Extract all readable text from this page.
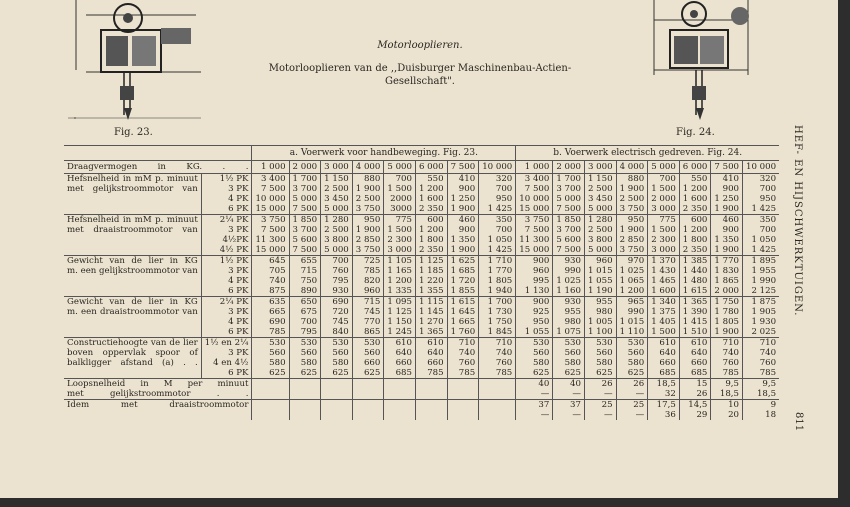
Fig. 23.	Fig. 24.
Motorloopliеren.
Motorlooplieren van de ,,Duisburger Maschinenbau-Actien-
Gesellschaft".
HEF- EN HIJSCHWERKTUIGEN.
811
		a. Voerwerk voor handbeweging. Fig. 23.								b. Voerwerk electrisch gedreven. Fig. 24.							
Draagvermogen in KG. . .		1 000	2 000	3 000	4 000	5 000	6 000	7 500	10 000	1 000	2 000	3 000	4 000	5 000	6 000	7 500	10 000
Hefsnelheid in mM p. minuut	1½ PK	3 400	1 700	1 150	880	700	550	410	320	3 400	1 700	1 150	880	700	550	410	320
met gelijkstroommotor van	3 PK	7 500	3 700	2 500	1 900	1 500	1 200	900	700	7 500	3 700	2 500	1 900	1 500	1 200	900	700
	4 PK	10 000	5 000	3 450	2 500	2000	1 600	1 250	950	10 000	5 000	3 450	2 500	2 000	1 600	1 250	950
	6 PK	15 000	7 500	5 000	3 750	3000	2 350	1 900	1 425	15 000	7 500	5 000	3 750	3 000	2 350	1 900	1 425
Hefsnelheid in mM p. minuut	2¼ PK	3 750	1 850	1 280	950	775	600	460	350	3 750	1 850	1 280	950	775	600	460	350
met draaistroommotor van	3 PK	7 500	3 700	2 500	1 900	1 500	1 200	900	700	7 500	3 700	2 500	1 900	1 500	1 200	900	700
	4½PK	11 300	5 600	3 800	2 850	2 300	1 800	1 350	1 050	11 300	5 600	3 800	2 850	2 300	1 800	1 350	1 050
	4½ PK	15 000	7 500	5 000	3 750	3 000	2 350	1 900	1 425	15 000	7 500	5 000	3 750	3 000	2 350	1 900	1 425
Gewicht van de lier in KG	1½ PK	645	655	700	725	1 105	1 125	1 625	1 710	900	930	960	970	1 370	1 385	1 770	1 895
m. een gelijkstroommotor van	3 PK	705	715	760	785	1 165	1 185	1 685	1 770	960	990	1 015	1 025	1 430	1 440	1 830	1 955
	4 PK	740	750	795	820	1 200	1 220	1 720	1 805	995	1 025	1 055	1 065	1 465	1 480	1 865	1 990
	6 PK	875	890	930	960	1 335	1 355	1 855	1 940	1 130	1 160	1 190	1 200	1 600	1 615	2 000	2 125
Gewicht van de lier in KG	2¼ PK	635	650	690	715	1 095	1 115	1 615	1 700	900	930	955	965	1 340	1 365	1 750	1 875
m. een draaistroommotor van	3 PK	665	675	720	745	1 125	1 145	1 645	1 730	925	955	980	990	1 375	1 390	1 780	1 905
	4 PK	690	700	745	770	1 150	1 270	1 665	1 750	950	980	1 005	1 015	1 405	1 415	1 805	1 930
	6 PK	785	795	840	865	1 245	1 365	1 760	1 845	1 055	1 075	1 100	1 110	1 500	1 510	1 900	2 025
Constructiehoogte van de lier	1½ en 2¼	530	530	530	530	610	610	710	710	530	530	530	530	610	610	710	710
boven oppervlak spoor of	3 PK	560	560	560	560	640	640	740	740	560	560	560	560	640	640	740	740
balkligger afstand (a) . .	4 en 4½	580	580	580	660	660	660	760	760	580	580	580	580	660	660	760	760
	6 PK	625	625	625	625	685	785	785	785	625	625	625	625	685	685	785	785
Loopsnelheid in M per minuut										40	40	26	26	18,5	15	9,5	9,5
met gelijkstroommotor . .										—	—	—	—	32	26	18,5	18,5
Idem met draaistroommotor										37	37	25	25	17,5	14,5	10	9
										—	—	—	—	36	29	20	18
